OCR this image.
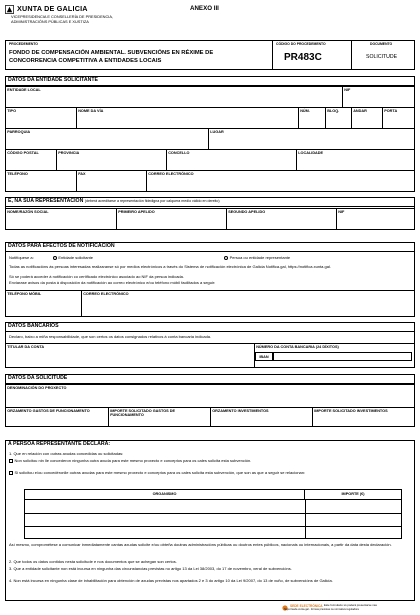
XUNTA DE GALICIA
VICEPRESIDENCIA E CONSELLERÍA DE PRESIDENCIA,
ADMINISTRACIÓNS PÚBLICAS E XUSTIZA
ANEXO III
PROCEDEMENTO
FONDO DE COMPENSACIÓN AMBIENTAL. SUBVENCIÓNS EN RÉXIME DE
CONCORRENCIA COMPETITIVA A ENTIDADES LOCAIS
CÓDIGO DO PROCEDEMENTO
PR483C
DOCUMENTO
SOLICITUDE
DATOS DA ENTIDADE SOLICITANTE
ENTIDADE LOCAL	NIF
TIPO	NOME DA VÍA	NÚM.	BLOQ.	ANDAR	PORTA
PARROQUIA	LUGAR
CÓDIGO POSTAL	PROVINCIA	CONCELLO	LOCALIDADE
TELÉFONO	FAX	CORREO ELECTRÓNICO
E, NA SÚA REPRESENTACIÓN (deberá acreditarse a representación fidedigna por calquera medio válido en dereito)
NOME/RAZÓN SOCIAL	PRIMEIRO APELIDO	SEGUNDO APELIDO	NIF
DATOS PARA EFECTOS DE NOTIFICACIÓN
Notifíquese a:	Entidade solicitante	Persoa ou entidade representante
Todas as notificacións ás persoas interesadas realizaranse só por medios electrónicos a través do Sistema de notificación electrónica de Galicia Notifica.gal, https://notifica.xunta.gal.
Só se poderá acceder á notificación co certificado electrónico asociado ao NIF da persoa indicada.
Enviarase avisos da posta á disposición da notificación ao correo electrónico e/ou teléfono móbil facilitados a seguir:
TELÉFONO MÓBIL	CORREO ELECTRÓNICO
DATOS BANCARIOS
Declaro, baixo a miña responsabilidade, que son certos os datos consignados relativos á conta bancaria indicada.
TITULAR DA CONTA	NÚMERO DA CONTA BANCARIA (24 DÍXITOS)
IBAN
DATOS DA SOLICITUDE
DENOMINACIÓN DO PROXECTO
ORZAMENTO GASTOS DE FUNCIONAMENTO	IMPORTE SOLICITADO GASTOS DE FUNCIONAMENTO
ORZAMENTO INVESTIMENTOS	IMPORTE SOLICITADO INVESTIMENTOS
A PERSOA REPRESENTANTE DECLARA:
1. Que en relación con outras axudas concedidas ou solicitadas:
Non solicitou nin lle concederon ningunha outra axuda para este mesmo proxecto e conceptos para os cales solicita esta subvención.
Si solicitou e/ou concedéronlle outras axudas para este mesmo proxecto e conceptos para os cales solicita esta subvención, que son as que a seguir se relacionan:
ORGANISMO	IMPORTE (€)
Así mesmo, comprométese a comunicar inmediatamente cantas axudas solicite e/ou obteña doutras administracións públicas ou doutros entes públicos, nacionais ou internacionais, a partir da data desta declaración.
2. Que todos os datos contidos nesta solicitude e nos documentos que se achegan son certos.
3. Que a entidade solicitante non está incursa en ningunha das circunstancias previstas no artigo 13 da Lei 38/2003, do 17 de novembro, xeral de subvencións.
4. Non está incursa en ningunha clase de inhabilitación para obtención de axudas previstas nos apartados 2 e 3 do artigo 10 da Lei 9/2007, do 13 de xuño, de subvencións de Galicia.
SEDE ELECTRÓNICA Este formulario só poderá presentarse nas
https://sede.xunta.gal - formas previstas na normativa reguladora
